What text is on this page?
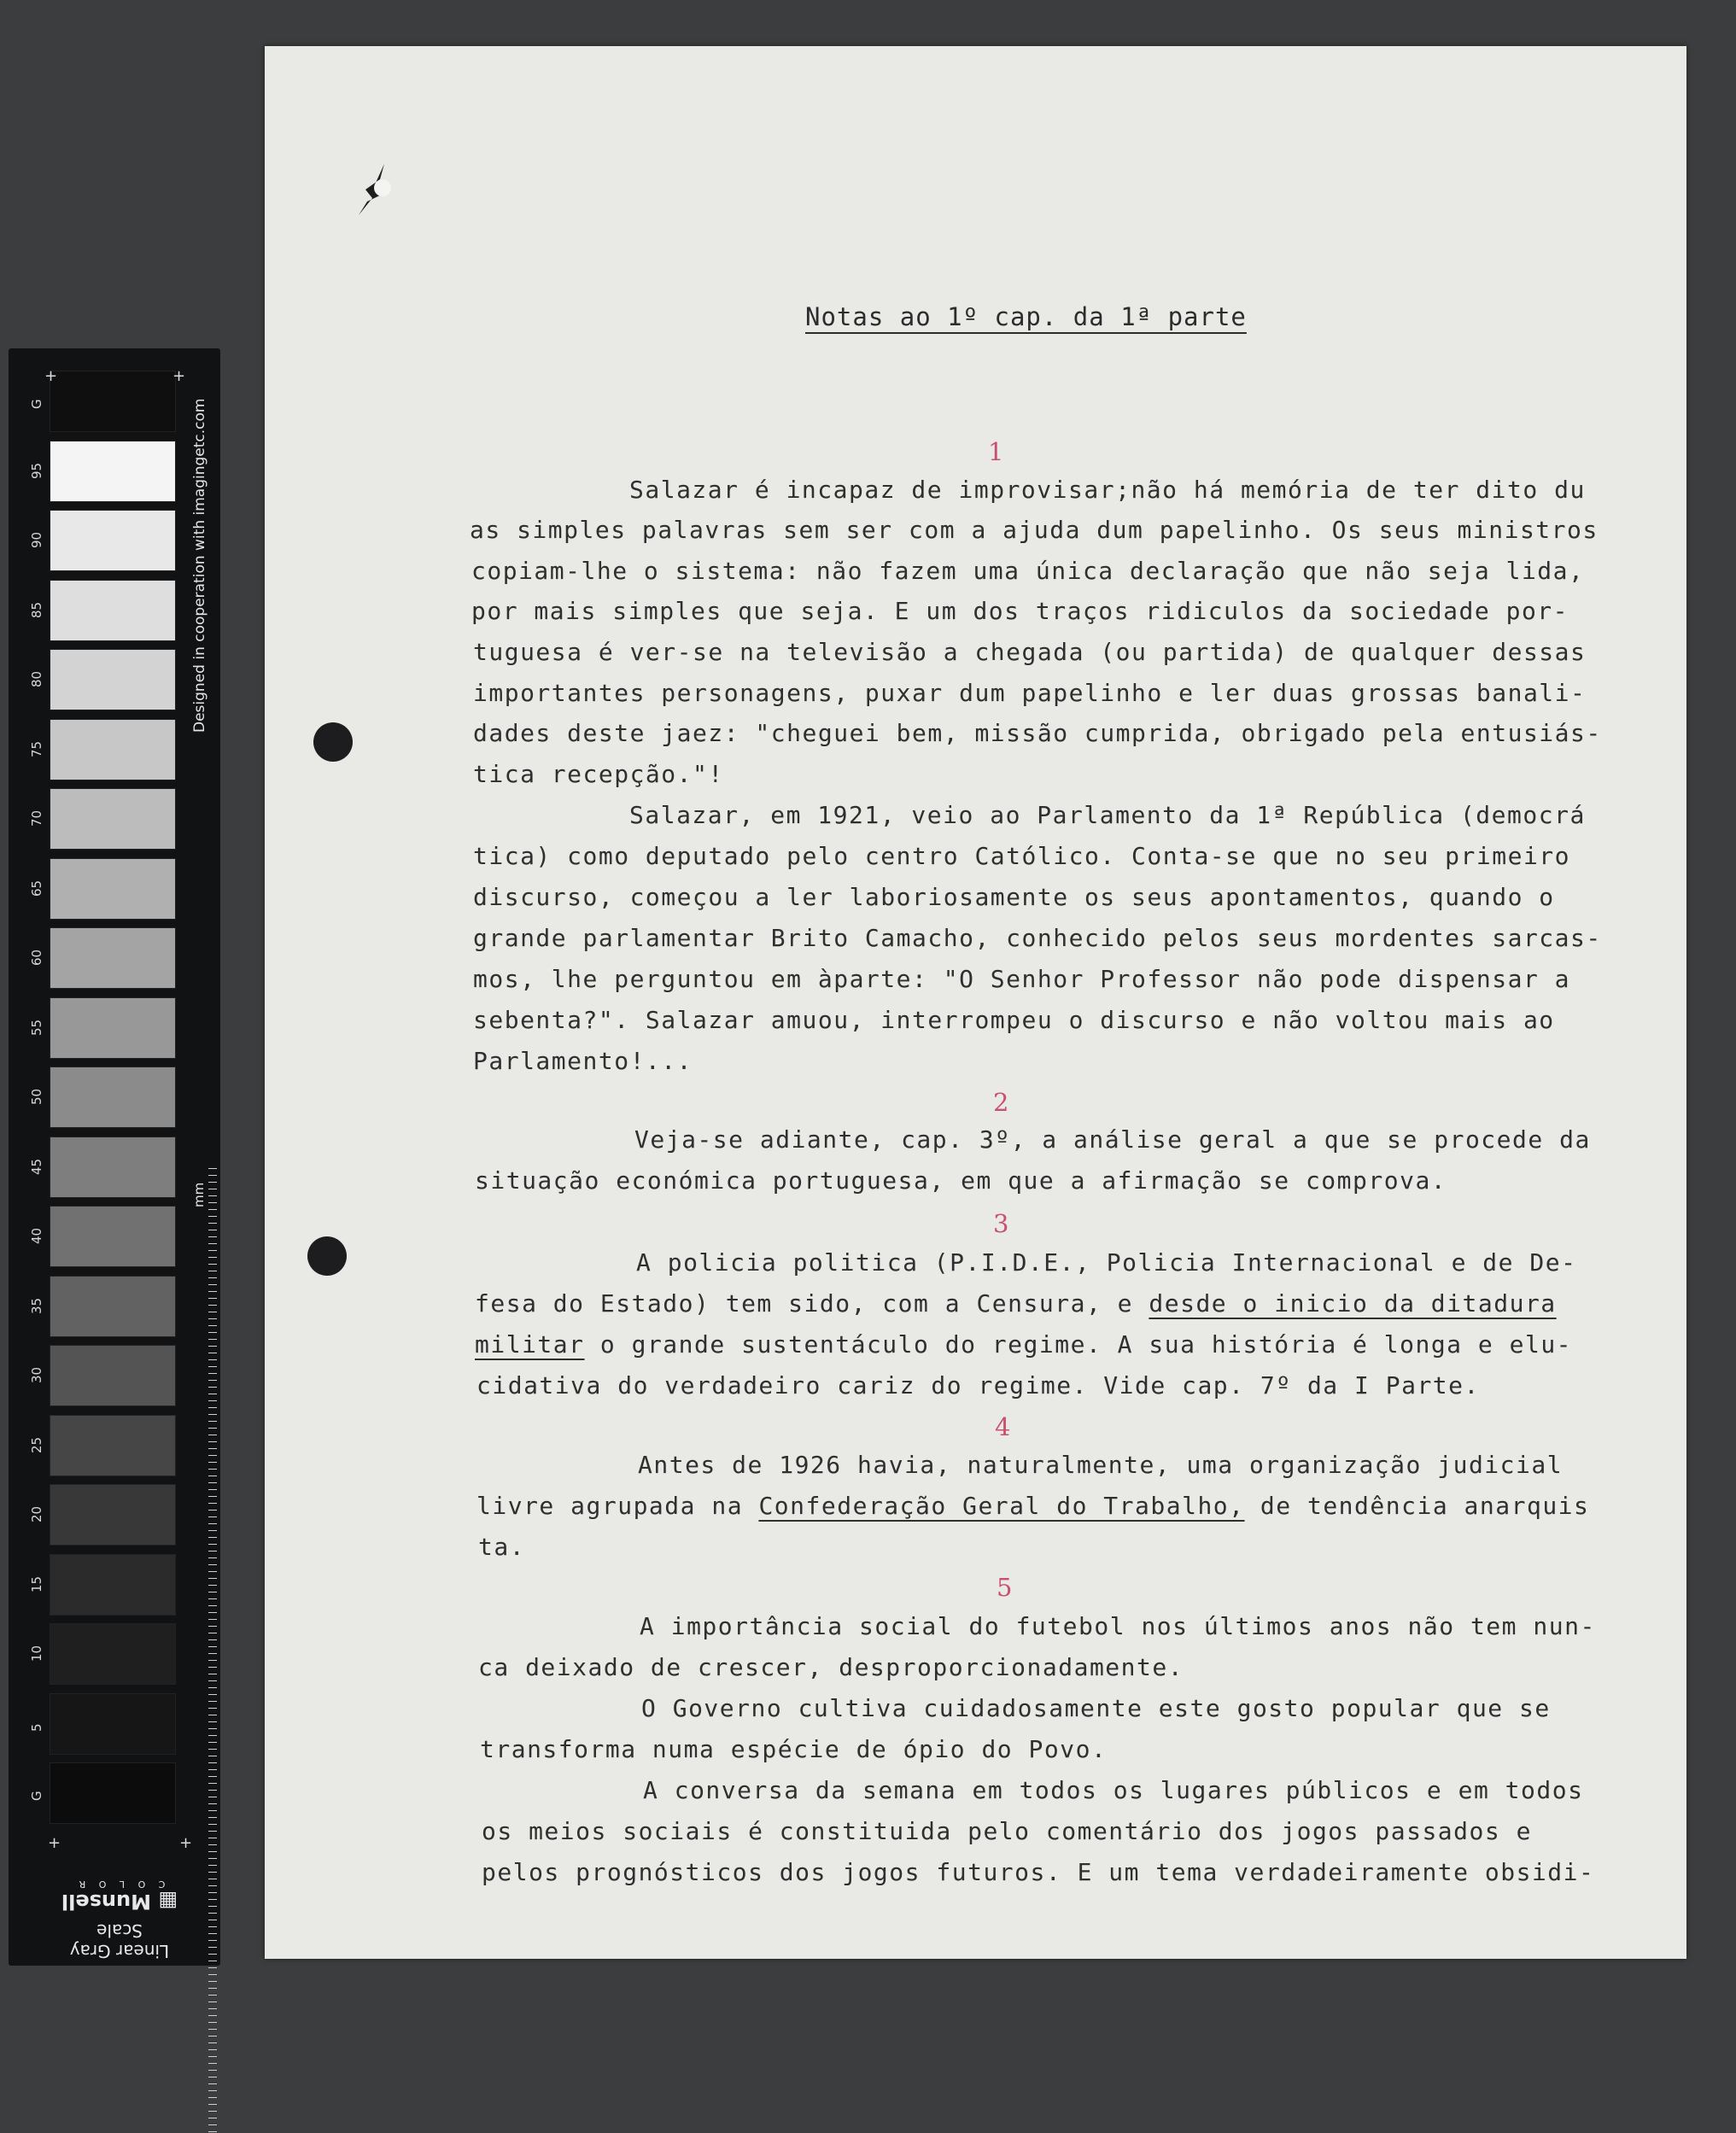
Designed in cooperation with imagingetc.com
mm
+	+
+	+
Linear Gray Scale
▦ Munsell
C O L O R
G
95
90
85
80
75
70
65
60
55
50
45
40
35
30
25
20
15
10
5
G
Notas ao 1º cap. da 1ª parte
1
Salazar é incapaz de improvisar;não há memória de ter dito du
as simples palavras sem ser com a ajuda dum papelinho. Os seus ministros
copiam-lhe o sistema: não fazem uma única declaração que não seja lida,
por mais simples que seja. E um dos traços ridiculos da sociedade por-
tuguesa é ver-se na televisão a chegada (ou partida) de qualquer dessas
importantes personagens, puxar dum papelinho e ler duas grossas banali-
dades deste jaez: "cheguei bem, missão cumprida, obrigado pela entusiás-
tica recepção."!
Salazar, em 1921, veio ao Parlamento da 1ª República (democrá
tica) como deputado pelo centro Católico. Conta-se que no seu primeiro
discurso, começou a ler laboriosamente os seus apontamentos, quando o
grande parlamentar Brito Camacho, conhecido pelos seus mordentes sarcas-
mos, lhe perguntou em àparte: "O Senhor Professor não pode dispensar a
sebenta?". Salazar amuou, interrompeu o discurso e não voltou mais ao
Parlamento!...
2
Veja-se adiante, cap. 3º, a análise geral a que se procede da
situação económica portuguesa, em que a afirmação se comprova.
3
A policia politica (P.I.D.E., Policia Internacional e de De-
fesa do Estado) tem sido, com a Censura, e desde o inicio da ditadura
militar o grande sustentáculo do regime. A sua história é longa e elu-
cidativa do verdadeiro cariz do regime. Vide cap. 7º da I Parte.
4
Antes de 1926 havia, naturalmente, uma organização judicial
livre agrupada na Confederação Geral do Trabalho, de tendência anarquis
ta.
5
A importância social do futebol nos últimos anos não tem nun-
ca deixado de crescer, desproporcionadamente.
O Governo cultiva cuidadosamente este gosto popular que se
transforma numa espécie de ópio do Povo.
A conversa da semana em todos os lugares públicos e em todos
os meios sociais é constituida pelo comentário dos jogos passados e
pelos prognósticos dos jogos futuros. E um tema verdadeiramente obsidi-
